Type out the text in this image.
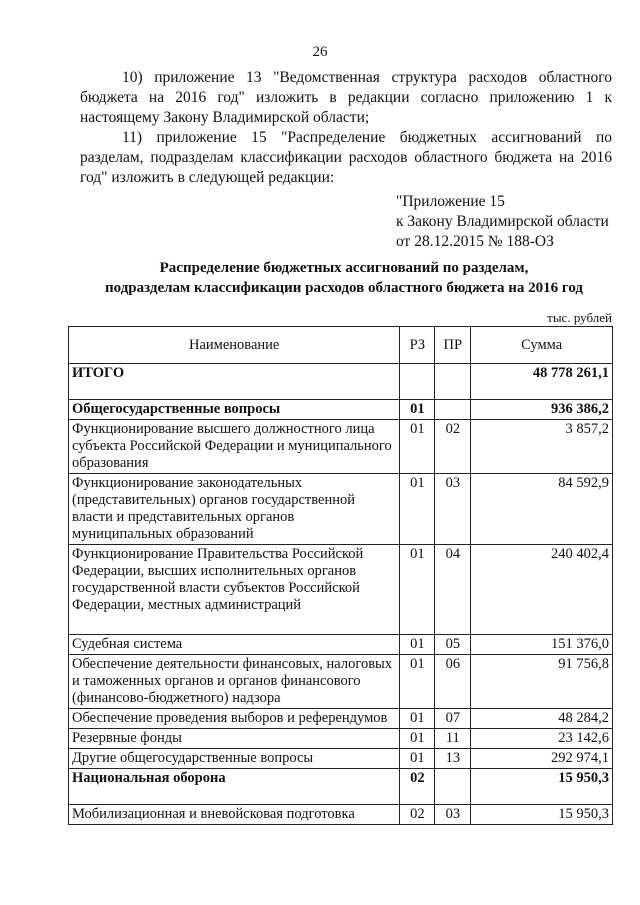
26
10) приложение 13 "Ведомственная структура расходов областного бюджета на 2016 год" изложить в редакции согласно приложению 1 к настоящему Закону Владимирской области;
11) приложение 15 "Распределение бюджетных ассигнований по разделам, подразделам классификации расходов областного бюджета на 2016 год" изложить в следующей редакции:
"Приложение 15
к Закону Владимирской области
от 28.12.2015 № 188-ОЗ
Распределение бюджетных ассигнований по разделам,
подразделам классификации расходов областного бюджета на 2016 год
тыс. рублей
Наименование	РЗ	ПР	Сумма
ИТОГО			48 778 261,1
Общегосударственные вопросы	01		936 386,2
Функционирование высшего должностного лица субъекта Российской Федерации и муниципального образования	01	02	3 857,2
Функционирование законодательных (представительных) органов государственной власти и представительных органов муниципальных образований	01	03	84 592,9
Функционирование Правительства Российской Федерации, высших исполнительных органов государственной власти субъектов Российской Федерации, местных администраций	01	04	240 402,4
Судебная система	01	05	151 376,0
Обеспечение деятельности финансовых, налоговых и таможенных органов и органов финансового (финансово-бюджетного) надзора	01	06	91 756,8
Обеспечение проведения выборов и референдумов	01	07	48 284,2
Резервные фонды	01	11	23 142,6
Другие общегосударственные вопросы	01	13	292 974,1
Национальная оборона	02		15 950,3
Мобилизационная и вневойсковая подготовка	02	03	15 950,3
